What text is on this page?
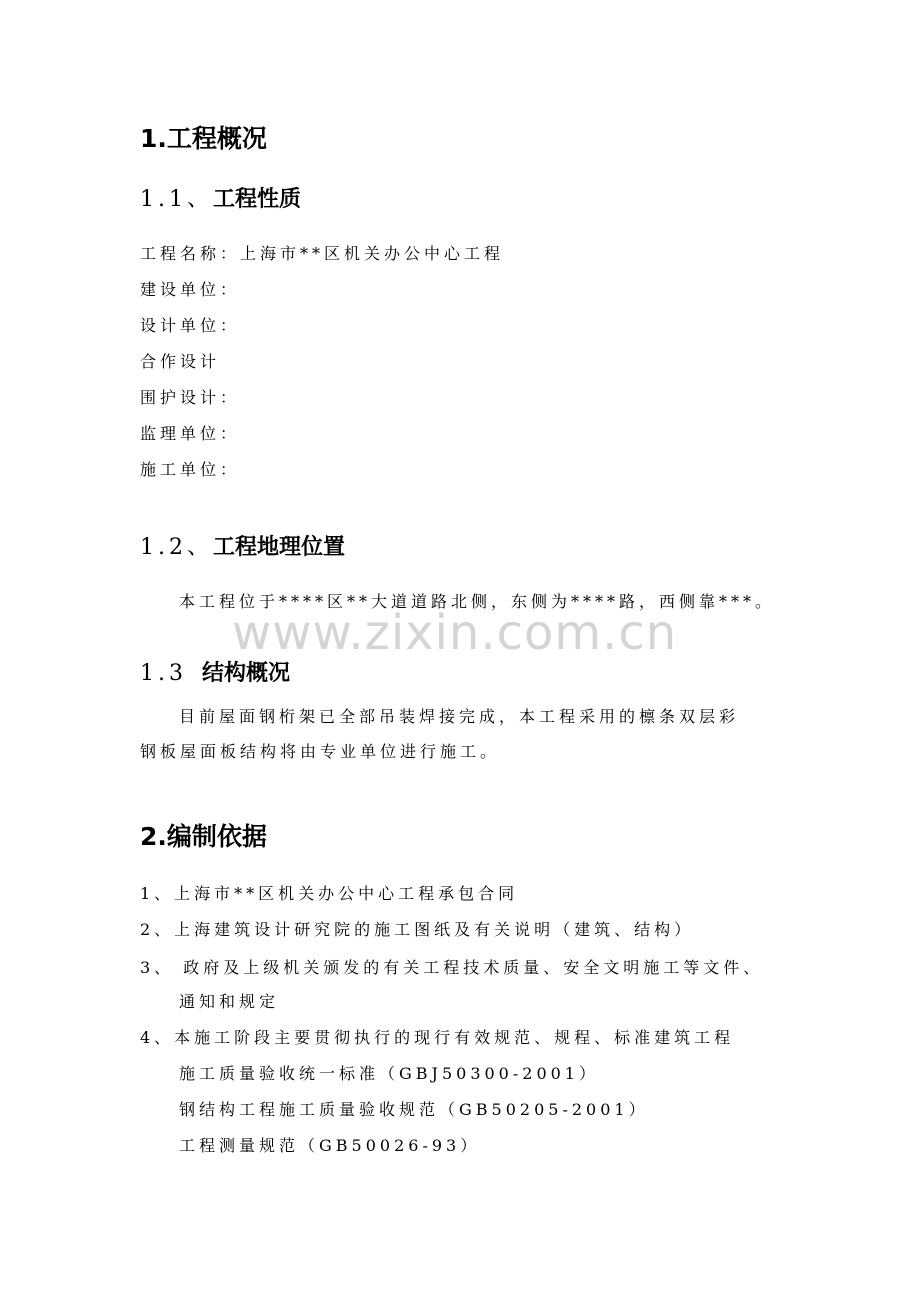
www.zixin.com.cn
1.工程概况
1.1、工程性质
工程名称：上海市**区机关办公中心工程
建设单位：
设计单位：
合作设计
围护设计：
监理单位：
施工单位：
1.2、工程地理位置
本工程位于****区**大道道路北侧，东侧为****路，西侧靠***。
1.3 结构概况
目前屋面钢桁架已全部吊装焊接完成，本工程采用的檩条双层彩
钢板屋面板结构将由专业单位进行施工。
2.编制依据
1、上海市**区机关办公中心工程承包合同
2、上海建筑设计研究院的施工图纸及有关说明（建筑、结构）
3、 政府及上级机关颁发的有关工程技术质量、安全文明施工等文件、
通知和规定
4、本施工阶段主要贯彻执行的现行有效规范、规程、标准建筑工程
施工质量验收统一标准（GBJ50300-2001）
钢结构工程施工质量验收规范（GB50205-2001）
工程测量规范（GB50026-93）
